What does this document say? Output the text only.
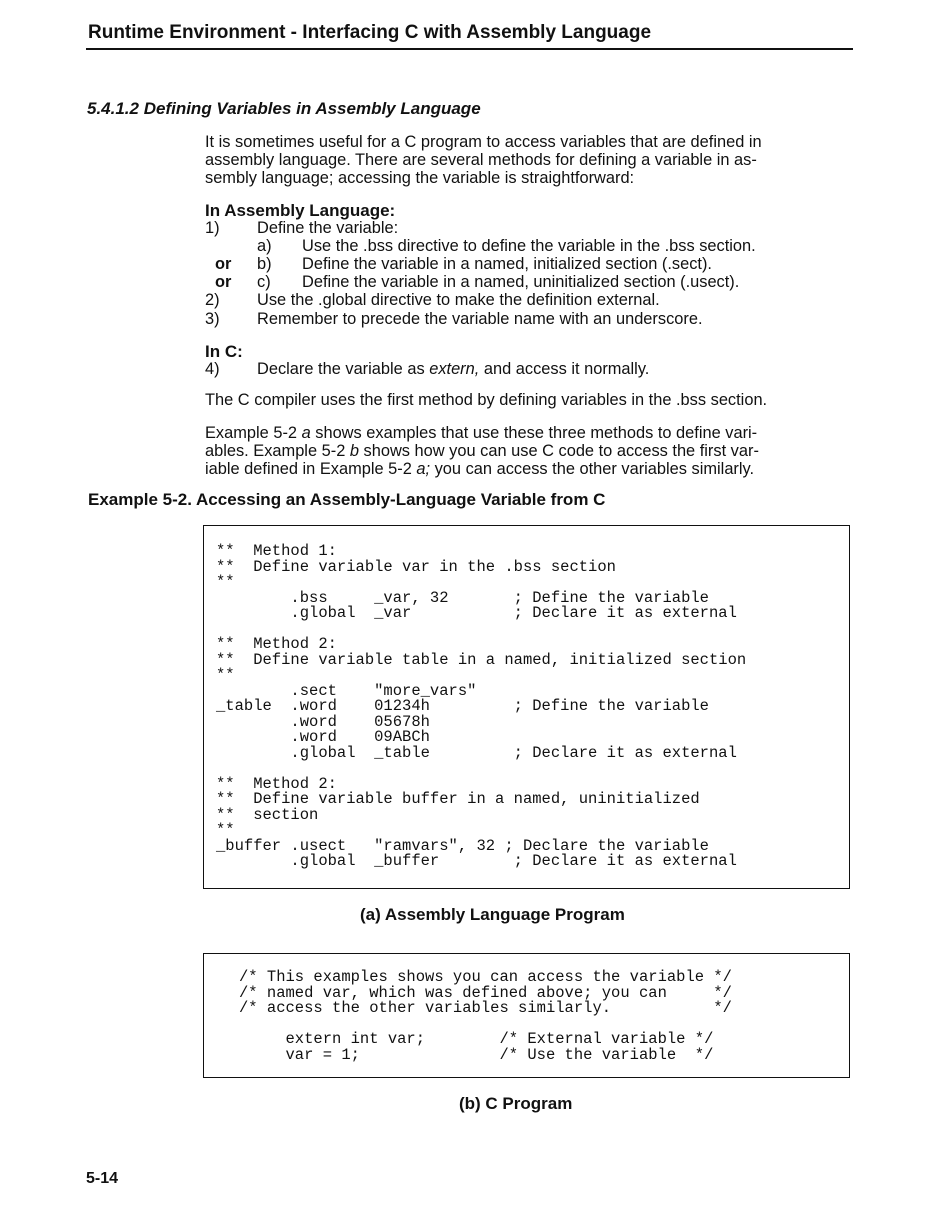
Runtime Environment - Interfacing C with Assembly Language
5.4.1.2 Defining Variables in Assembly Language
It is sometimes useful for a C program to access variables that are defined in
assembly language. There are several methods for defining a variable in as-
sembly language; accessing the variable is straightforward:
In Assembly Language:
1) Define the variable:
a) Use the .bss directive to define the variable in the .bss section.
or b) Define the variable in a named, initialized section (.sect).
or c) Define the variable in a named, uninitialized section (.usect).
2) Use the .global directive to make the definition external.
3) Remember to precede the variable name with an underscore.
In C:
4) Declare the variable as extern, and access it normally.
The C compiler uses the first method by defining variables in the .bss section.
Example 5-2 a shows examples that use these three methods to define vari-
ables. Example 5-2 b shows how you can use C code to access the first var-
iable defined in Example 5-2 a; you can access the other variables similarly.
Example 5-2. Accessing an Assembly-Language Variable from C
**  Method 1:
**  Define variable var in the .bss section
**
.bss     _var, 32       ; Define the variable
.global  _var           ; Declare it as external

**  Method 2:
**  Define variable table in a named, initialized section
**
.sect    "more_vars"
_table  .word    01234h         ; Define the variable
.word    05678h
.word    09ABCh
.global  _table         ; Declare it as external

**  Method 2:
**  Define variable buffer in a named, uninitialized
**  section
**
_buffer .usect   "ramvars", 32 ; Declare the variable
.global  _buffer        ; Declare it as external
(a) Assembly Language Program
/* This examples shows you can access the variable */
/* named var, which was defined above; you can     */
/* access the other variables similarly.           */

extern int var;        /* External variable */
var = 1;               /* Use the variable  */
(b) C Program
5-14
